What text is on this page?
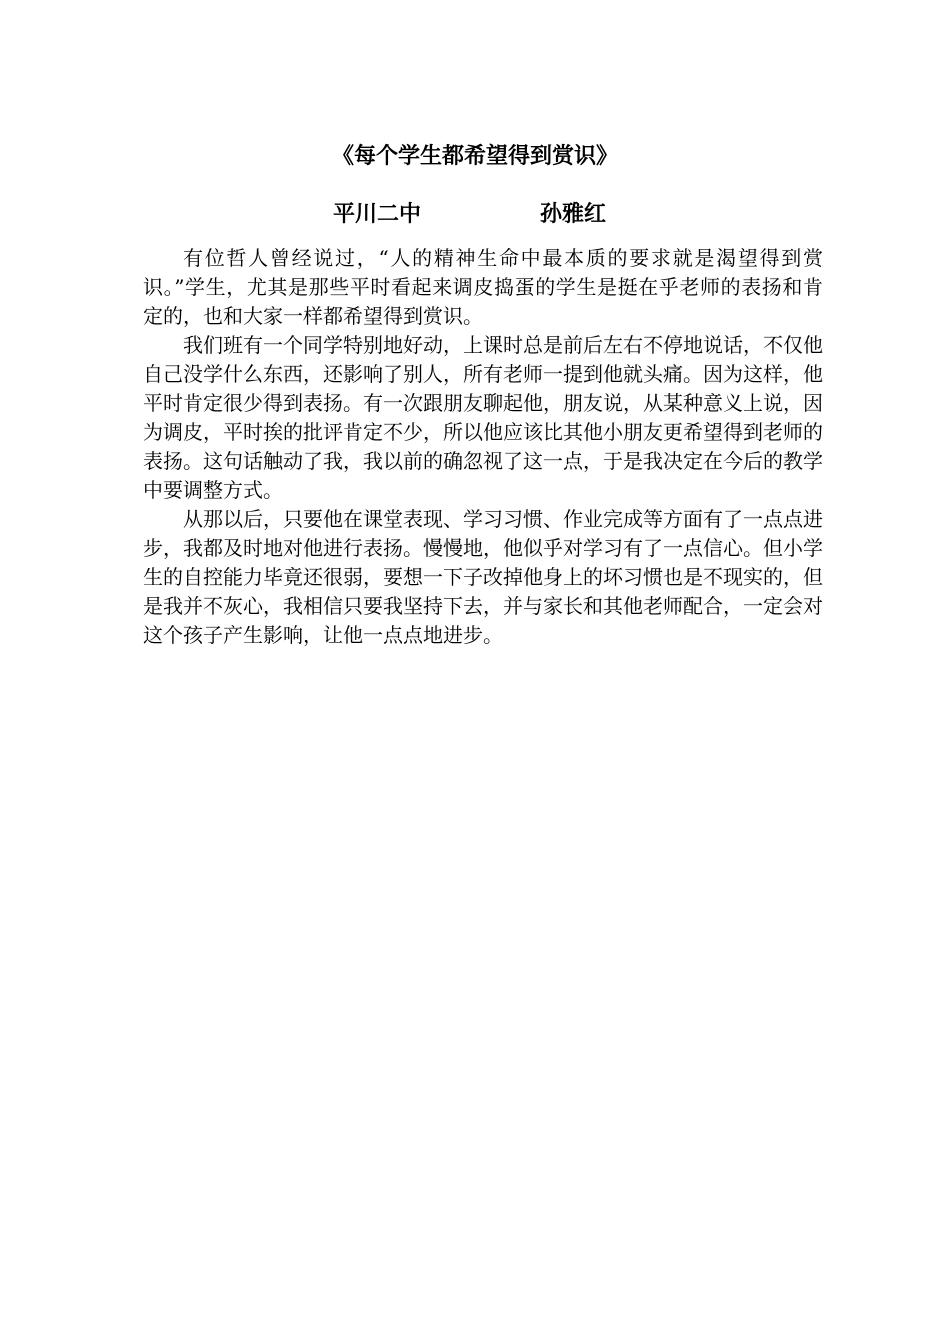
《每个学生都希望得到赏识》
平川二中	孙雅红

有位哲人曾经说过，“人的精神生命中最本质的要求就是渴望得到赏识。”学生，尤其是那些平时看起来调皮捣蛋的学生是挺在乎老师的表扬和肯定的，也和大家一样都希望得到赏识。

我们班有一个同学特别地好动，上课时总是前后左右不停地说话，不仅他自己没学什么东西，还影响了别人，所有老师一提到他就头痛。因为这样，他平时肯定很少得到表扬。有一次跟朋友聊起他，朋友说，从某种意义上说，因为调皮，平时挨的批评肯定不少，所以他应该比其他小朋友更希望得到老师的表扬。这句话触动了我，我以前的确忽视了这一点，于是我决定在今后的教学中要调整方式。

从那以后，只要他在课堂表现、学习习惯、作业完成等方面有了一点点进步，我都及时地对他进行表扬。慢慢地，他似乎对学习有了一点信心。但小学生的自控能力毕竟还很弱，要想一下子改掉他身上的坏习惯也是不现实的，但是我并不灰心，我相信只要我坚持下去，并与家长和其他老师配合，一定会对这个孩子产生影响，让他一点点地进步。
